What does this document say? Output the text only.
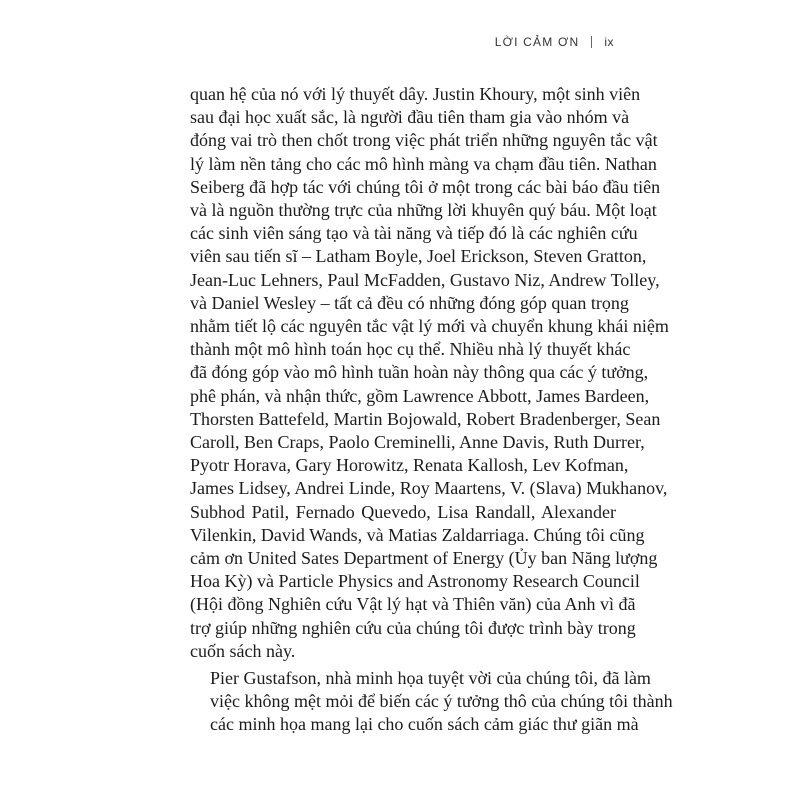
LỜI CẢM ƠN ix
quan hệ của nó với lý thuyết dây. Justin Khoury, một sinh viên
sau đại học xuất sắc, là người đầu tiên tham gia vào nhóm và
đóng vai trò then chốt trong việc phát triển những nguyên tắc vật
lý làm nền tảng cho các mô hình màng va chạm đầu tiên. Nathan
Seiberg đã hợp tác với chúng tôi ở một trong các bài báo đầu tiên
và là nguồn thường trực của những lời khuyên quý báu. Một loạt
các sinh viên sáng tạo và tài năng và tiếp đó là các nghiên cứu
viên sau tiến sĩ – Latham Boyle, Joel Erickson, Steven Gratton,
Jean-Luc Lehners, Paul McFadden, Gustavo Niz, Andrew Tolley,
và Daniel Wesley – tất cả đều có những đóng góp quan trọng
nhằm tiết lộ các nguyên tắc vật lý mới và chuyển khung khái niệm
thành một mô hình toán học cụ thể. Nhiều nhà lý thuyết khác
đã đóng góp vào mô hình tuần hoàn này thông qua các ý tưởng,
phê phán, và nhận thức, gồm Lawrence Abbott, James Bardeen,
Thorsten Battefeld, Martin Bojowald, Robert Bradenberger, Sean
Caroll, Ben Craps, Paolo Creminelli, Anne Davis, Ruth Durrer,
Pyotr Horava, Gary Horowitz, Renata Kallosh, Lev Kofman,
James Lidsey, Andrei Linde, Roy Maartens, V. (Slava) Mukhanov,
Subhod Patil, Fernado Quevedo, Lisa Randall, Alexander
Vilenkin, David Wands, và Matias Zaldarriaga. Chúng tôi cũng
cảm ơn United Sates Department of Energy (Ủy ban Năng lượng
Hoa Kỳ) và Particle Physics and Astronomy Research Council
(Hội đồng Nghiên cứu Vật lý hạt và Thiên văn) của Anh vì đã
trợ giúp những nghiên cứu của chúng tôi được trình bày trong
cuốn sách này.
Pier Gustafson, nhà minh họa tuyệt vời của chúng tôi, đã làm
việc không mệt mỏi để biến các ý tưởng thô của chúng tôi thành
các minh họa mang lại cho cuốn sách cảm giác thư giãn mà
